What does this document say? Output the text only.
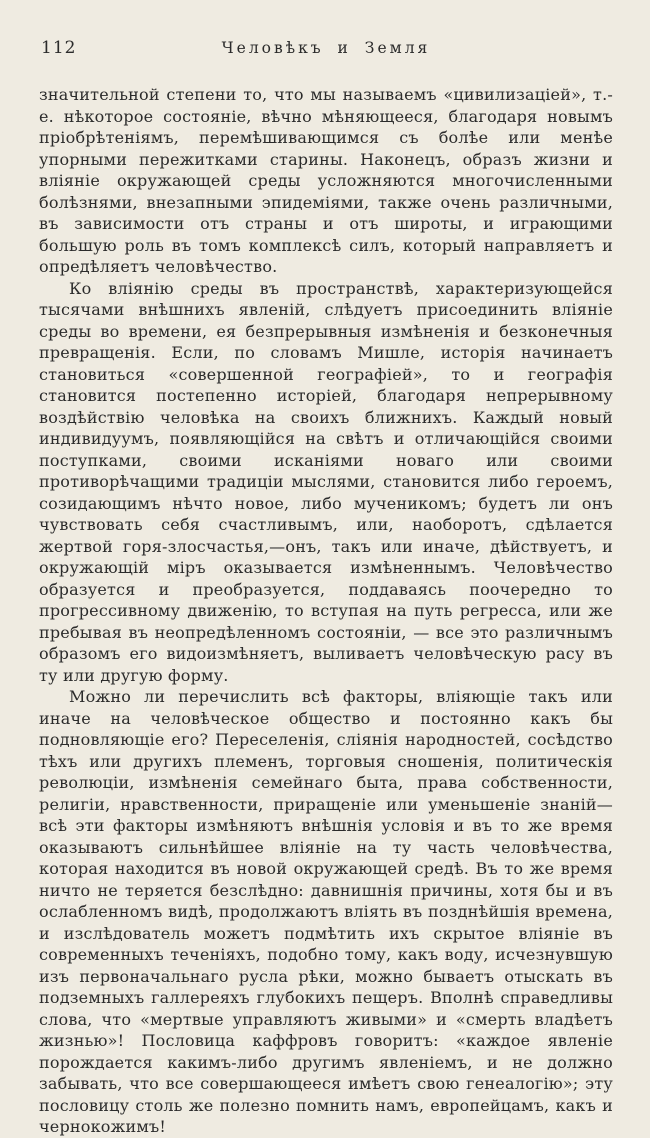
112	Человѣкъ и Земля

значительной степени то, что мы называемъ «цивилизаціей», т.-е. нѣкоторое состояніе, вѣчно мѣняющееся, благодаря новымъ пріобрѣтеніямъ, перемѣшивающимся съ болѣе или менѣе упорными пережитками старины. Наконецъ, образъ жизни и вліяніе окружающей среды усложняются многочисленными болѣзнями, внезапными эпидеміями, также очень различными, въ зависимости отъ страны и отъ широты, и играющими большую роль въ томъ комплексѣ силъ, который направляетъ и опредѣляетъ человѣчество.

Ко вліянію среды въ пространствѣ, характеризующейся тысячами внѣшнихъ явленій, слѣдуетъ присоединить вліяніе среды во времени, ея безпрерывныя измѣненія и безконечныя превращенія. Если, по словамъ Мишле, исторія начинаетъ становиться «совершенной географіей», то и географія становится постепенно исторіей, благодаря непрерывному воздѣйствію человѣка на своихъ ближнихъ. Каждый новый индивидуумъ, появляющійся на свѣтъ и отличающійся своими поступками, своими исканіями новаго или своими противорѣчащими традиціи мыслями, становится либо героемъ, созидающимъ нѣчто новое, либо мученикомъ; будетъ ли онъ чувствовать себя счастливымъ, или, наоборотъ, сдѣлается жертвой горя-злосчастья,—онъ, такъ или иначе, дѣйствуетъ, и окружающій міръ оказывается измѣненнымъ. Человѣчество образуется и преобразуется, поддаваясь поочередно то прогрессивному движенію, то вступая на путь регресса, или же пребывая въ неопредѣленномъ состояніи, — все это различнымъ образомъ его видоизмѣняетъ, выливаетъ человѣческую расу въ ту или другую форму.

Можно ли перечислить всѣ факторы, вліяющіе такъ или иначе на человѣческое общество и постоянно какъ бы подновляющіе его? Переселенія, сліянія народностей, сосѣдство тѣхъ или другихъ племенъ, торговыя сношенія, политическія революціи, измѣненія семейнаго быта, права собственности, религіи, нравственности, приращеніе или уменьшеніе знаній—всѣ эти факторы измѣняютъ внѣшнія условія и въ то же время оказываютъ сильнѣйшее вліяніе на ту часть человѣчества, которая находится въ новой окружающей средѣ. Въ то же время ничто не теряется безслѣдно: давнишнія причины, хотя бы и въ ослабленномъ видѣ, продолжаютъ вліять въ позднѣйшія времена, и изслѣдователь можетъ подмѣтить ихъ скрытое вліяніе въ современныхъ теченіяхъ, подобно тому, какъ воду, исчезнувшую изъ первоначальнаго русла рѣки, можно бываетъ отыскать въ подземныхъ галлереяхъ глубокихъ пещеръ. Вполнѣ справедливы слова, что «мертвые управляютъ живыми» и «смерть владѣетъ жизнью»! Пословица каффровъ говоритъ: «каждое явленіе порождается какимъ-либо другимъ явленіемъ, и не должно забывать, что все совершающееся имѣетъ свою генеалогію»; эту пословицу столь же полезно помнить намъ, европейцамъ, какъ и чернокожимъ!
